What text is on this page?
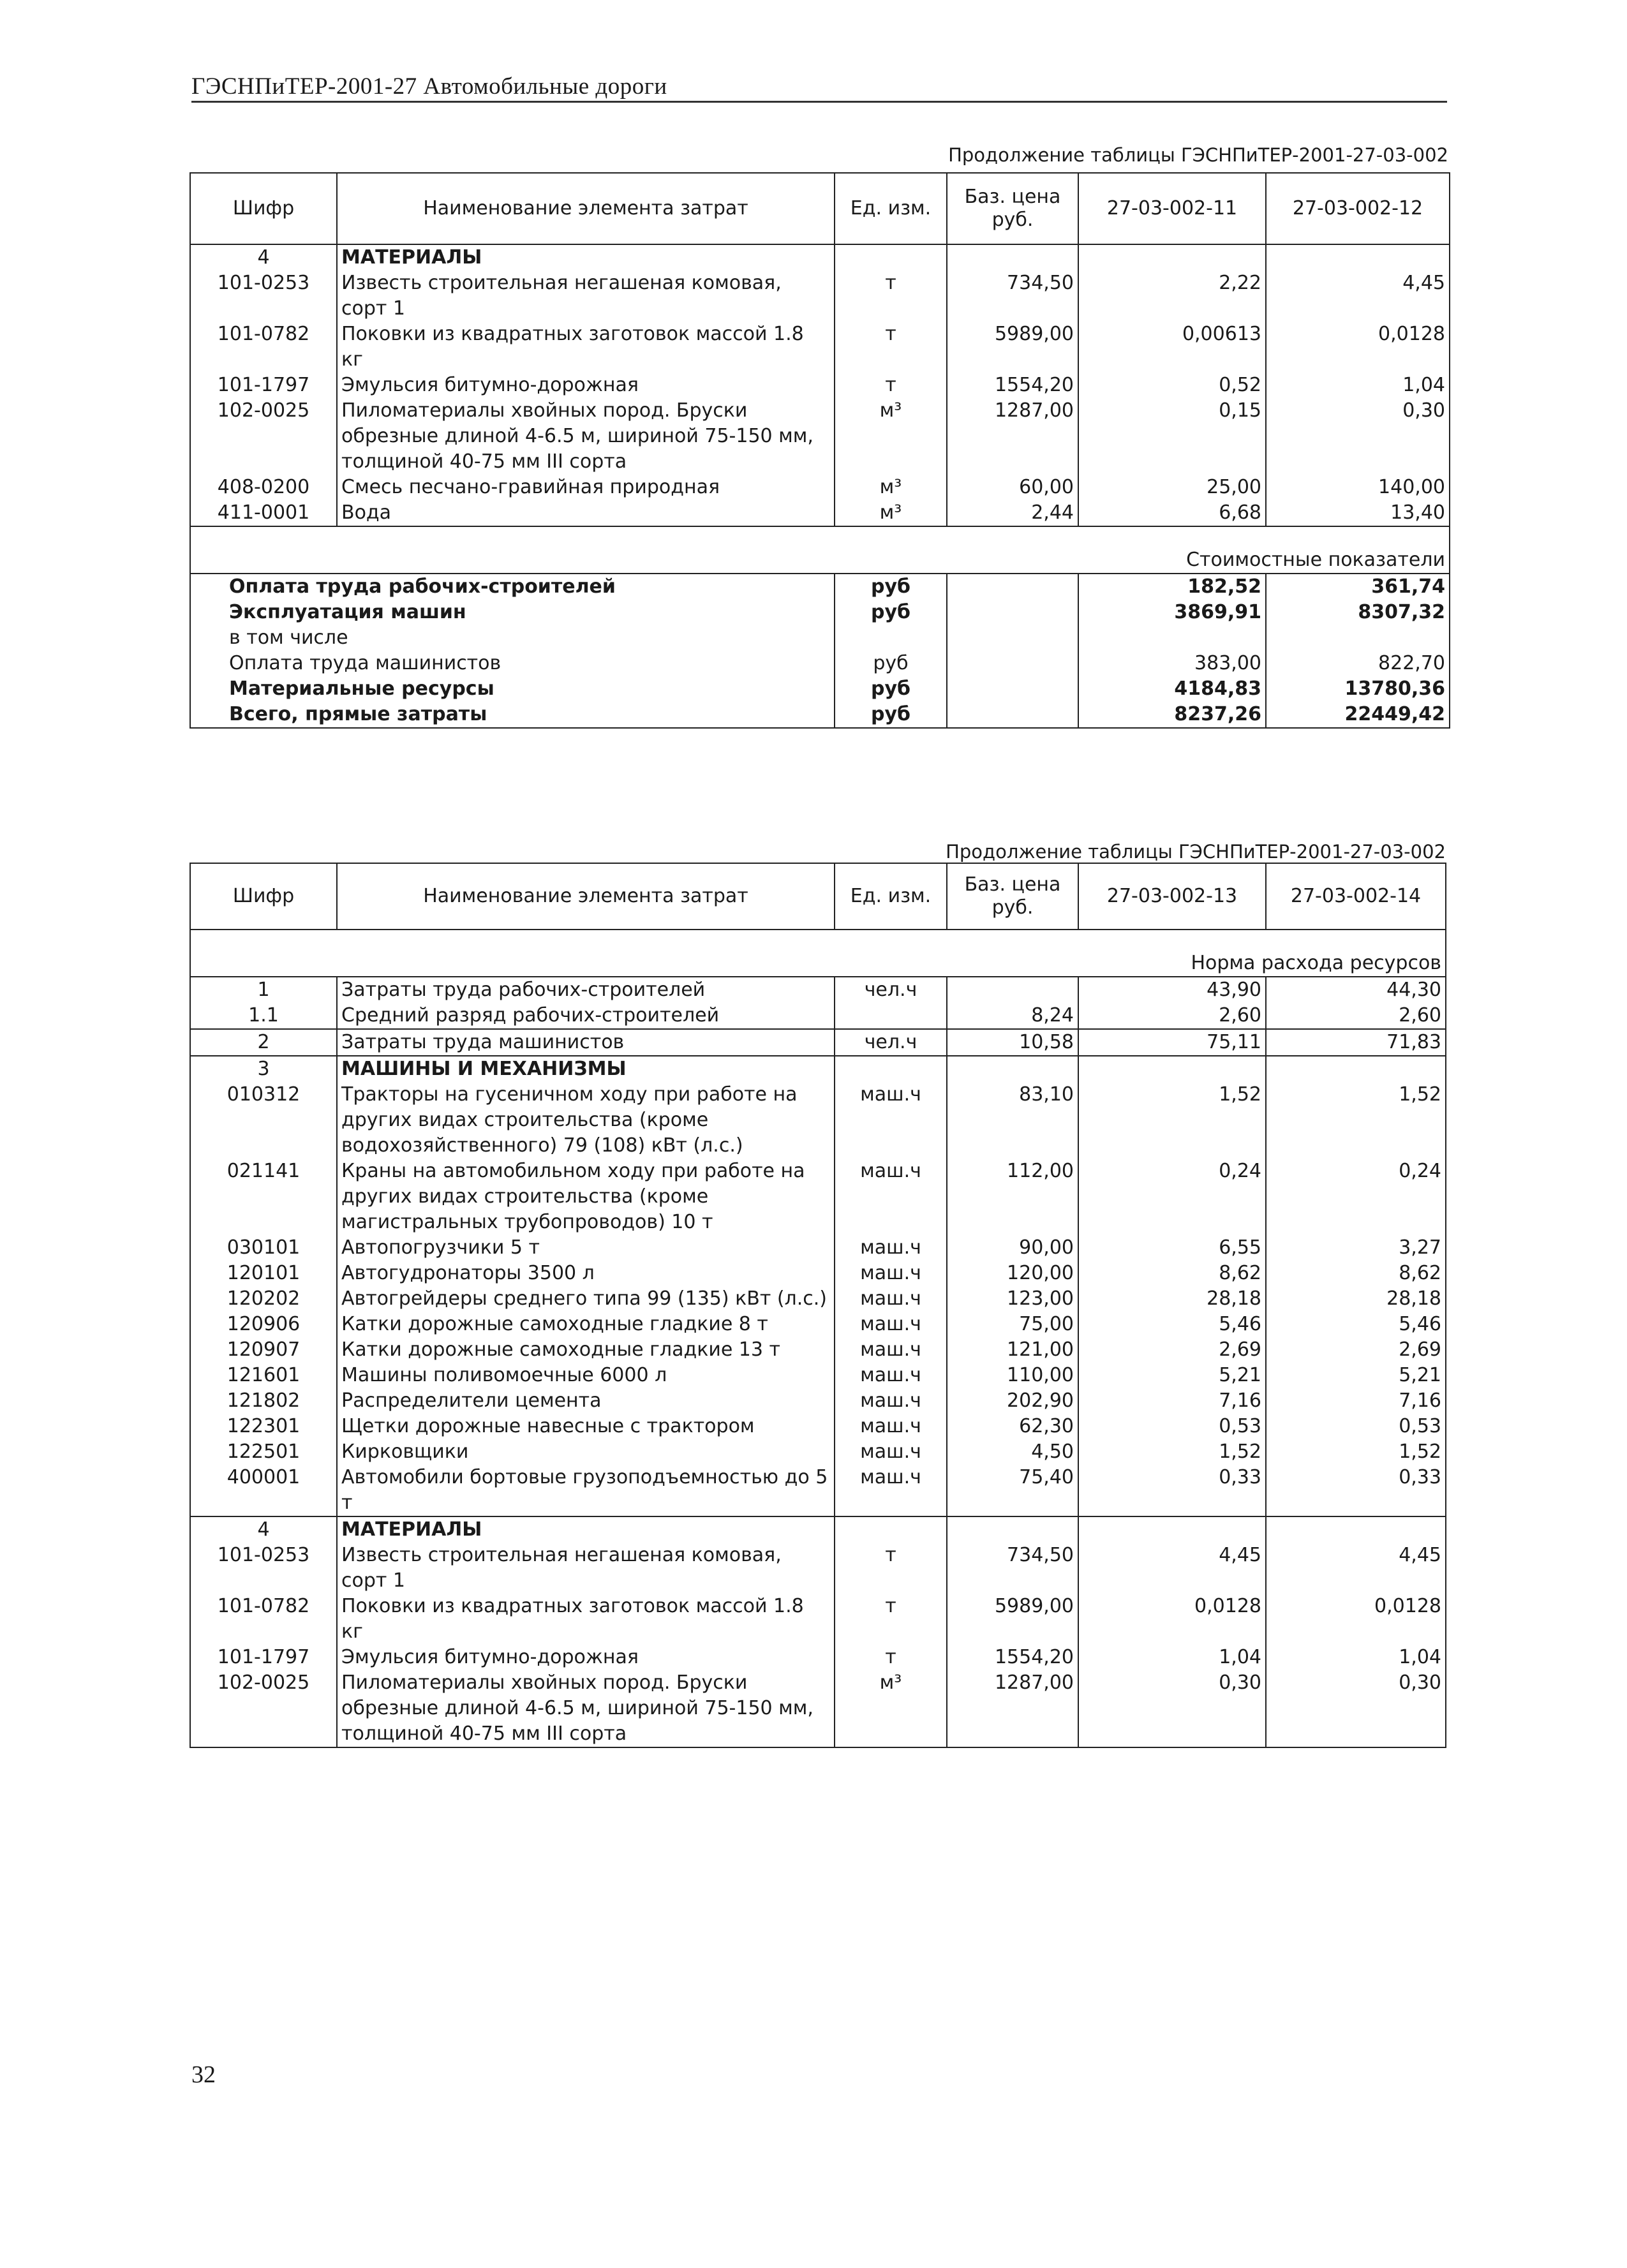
ГЭСНПиТЕР-2001-27 Автомобильные дороги
Продолжение таблицы ГЭСНПиТЕР-2001-27-03-002
Шифр	Наименование элемента затрат	Ед. изм.	Баз. цена руб.	27-03-002-11	27-03-002-12
4	МАТЕРИАЛЫ				
101-0253	Известь строительная негашеная комовая, сорт 1	т	734,50	2,22	4,45
101-0782	Поковки из квадратных заготовок массой 1.8 кг	т	5989,00	0,00613	0,0128
101-1797	Эмульсия битумно-дорожная	т	1554,20	0,52	1,04
102-0025	Пиломатериалы хвойных пород. Бруски обрезные длиной 4-6.5 м, шириной 75-150 мм, толщиной 40-75 мм III сорта	м³	1287,00	0,15	0,30
408-0200	Смесь песчано-гравийная природная	м³	60,00	25,00	140,00
411-0001	Вода	м³	2,44	6,68	13,40
Стоимостные показатели					
Оплата труда рабочих-строителей		руб		182,52	361,74
Эксплуатация машин		руб		3869,91	8307,32
в том числе					
Оплата труда машинистов		руб		383,00	822,70
Материальные ресурсы		руб		4184,83	13780,36
Всего, прямые затраты		руб		8237,26	22449,42
Продолжение таблицы ГЭСНПиТЕР-2001-27-03-002
Шифр	Наименование элемента затрат	Ед. изм.	Баз. цена руб.	27-03-002-13	27-03-002-14
Норма расхода ресурсов					
1	Затраты труда рабочих-строителей	чел.ч		43,90	44,30
1.1	Средний разряд рабочих-строителей		8,24	2,60	2,60
2	Затраты труда машинистов	чел.ч	10,58	75,11	71,83
3	МАШИНЫ И МЕХАНИЗМЫ				
010312	Тракторы на гусеничном ходу при работе на других видах строительства (кроме водохозяйственного) 79 (108) кВт (л.с.)	маш.ч	83,10	1,52	1,52
021141	Краны на автомобильном ходу при работе на других видах строительства (кроме магистральных трубопроводов) 10 т	маш.ч	112,00	0,24	0,24
030101	Автопогрузчики 5 т	маш.ч	90,00	6,55	3,27
120101	Автогудронаторы 3500 л	маш.ч	120,00	8,62	8,62
120202	Автогрейдеры среднего типа 99 (135) кВт (л.с.)	маш.ч	123,00	28,18	28,18
120906	Катки дорожные самоходные гладкие 8 т	маш.ч	75,00	5,46	5,46
120907	Катки дорожные самоходные гладкие 13 т	маш.ч	121,00	2,69	2,69
121601	Машины поливомоечные 6000 л	маш.ч	110,00	5,21	5,21
121802	Распределители цемента	маш.ч	202,90	7,16	7,16
122301	Щетки дорожные навесные с трактором	маш.ч	62,30	0,53	0,53
122501	Кирковщики	маш.ч	4,50	1,52	1,52
400001	Автомобили бортовые грузоподъемностью до 5 т	маш.ч	75,40	0,33	0,33
4	МАТЕРИАЛЫ				
101-0253	Известь строительная негашеная комовая, сорт 1	т	734,50	4,45	4,45
101-0782	Поковки из квадратных заготовок массой 1.8 кг	т	5989,00	0,0128	0,0128
101-1797	Эмульсия битумно-дорожная	т	1554,20	1,04	1,04
102-0025	Пиломатериалы хвойных пород. Бруски обрезные длиной 4-6.5 м, шириной 75-150 мм, толщиной 40-75 мм III сорта	м³	1287,00	0,30	0,30
32
